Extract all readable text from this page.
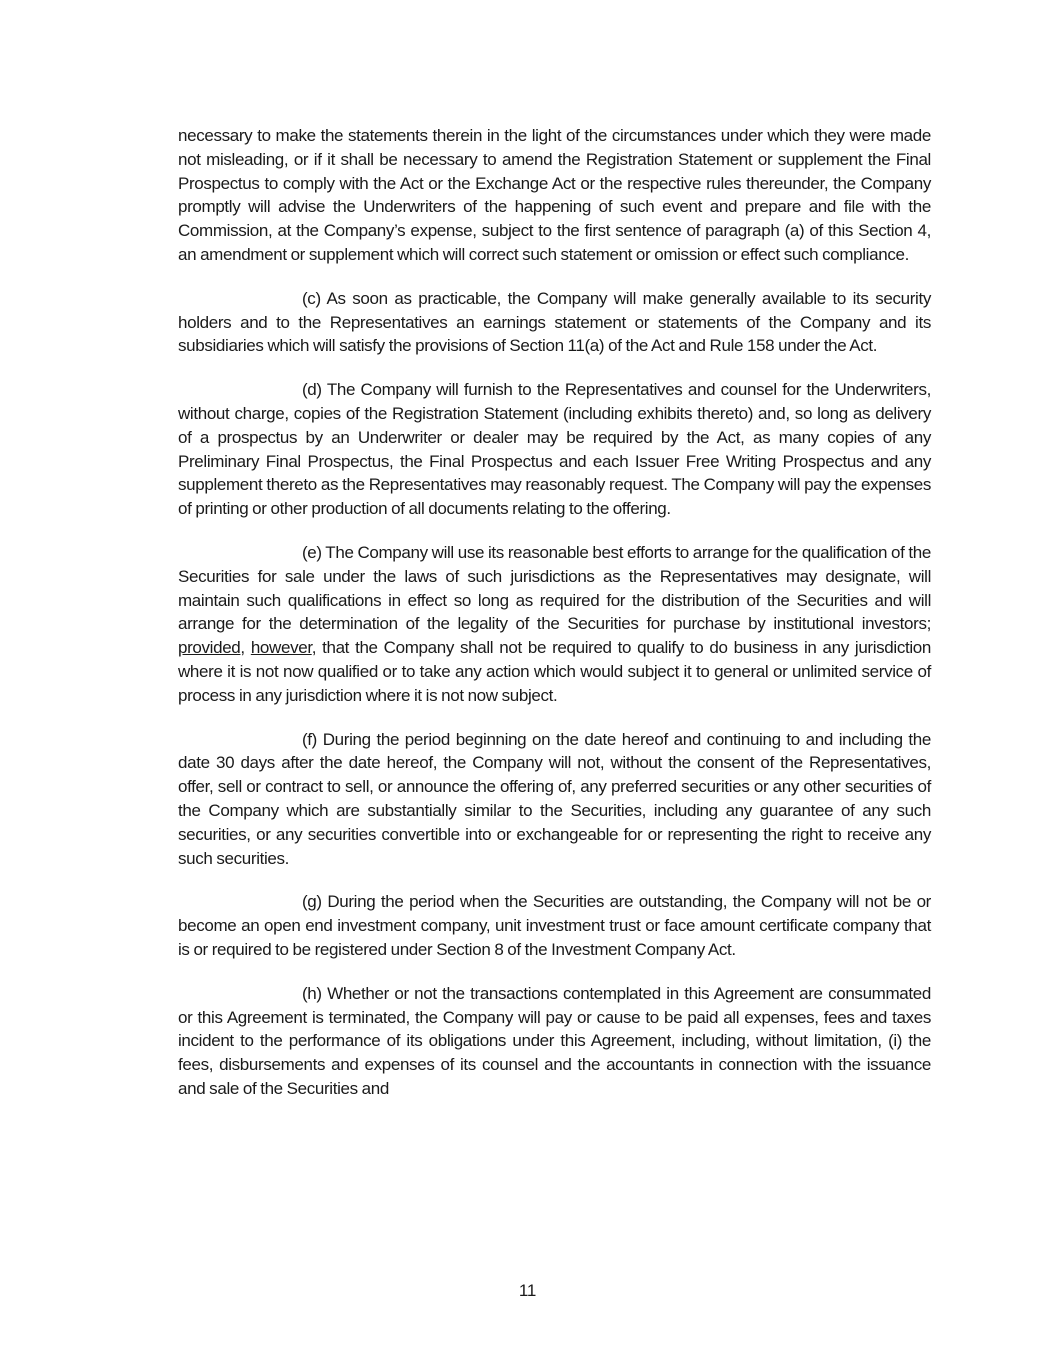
necessary to make the statements therein in the light of the circumstances under which they were made not misleading, or if it shall be necessary to amend the Registration Statement or supplement the Final Prospectus to comply with the Act or the Exchange Act or the respective rules thereunder, the Company promptly will advise the Underwriters of the happening of such event and prepare and file with the Commission, at the Company’s expense, subject to the first sentence of paragraph (a) of this Section 4, an amendment or supplement which will correct such statement or omission or effect such compliance.

(c) As soon as practicable, the Company will make generally available to its security holders and to the Representatives an earnings statement or statements of the Company and its subsidiaries which will satisfy the provisions of Section 11(a) of the Act and Rule 158 under the Act.

(d) The Company will furnish to the Representatives and counsel for the Underwriters, without charge, copies of the Registration Statement (including exhibits thereto) and, so long as delivery of a prospectus by an Underwriter or dealer may be required by the Act, as many copies of any Preliminary Final Prospectus, the Final Prospectus and each Issuer Free Writing Prospectus and any supplement thereto as the Representatives may reasonably request. The Company will pay the expenses of printing or other production of all documents relating to the offering.

(e) The Company will use its reasonable best efforts to arrange for the qualification of the Securities for sale under the laws of such jurisdictions as the Representatives may designate, will maintain such qualifications in effect so long as required for the distribution of the Securities and will arrange for the determination of the legality of the Securities for purchase by institutional investors; provided, however, that the Company shall not be required to qualify to do business in any jurisdiction where it is not now qualified or to take any action which would subject it to general or unlimited service of process in any jurisdiction where it is not now subject.

(f) During the period beginning on the date hereof and continuing to and including the date 30 days after the date hereof, the Company will not, without the consent of the Representatives, offer, sell or contract to sell, or announce the offering of, any preferred securities or any other securities of the Company which are substantially similar to the Securities, including any guarantee of any such securities, or any securities convertible into or exchangeable for or representing the right to receive any such securities.

(g) During the period when the Securities are outstanding, the Company will not be or become an open end investment company, unit investment trust or face amount certificate company that is or required to be registered under Section 8 of the Investment Company Act.

(h) Whether or not the transactions contemplated in this Agreement are consummated or this Agreement is terminated, the Company will pay or cause to be paid all expenses, fees and taxes incident to the performance of its obligations under this Agreement, including, without limitation, (i) the fees, disbursements and expenses of its counsel and the accountants in connection with the issuance and sale of the Securities and

11
